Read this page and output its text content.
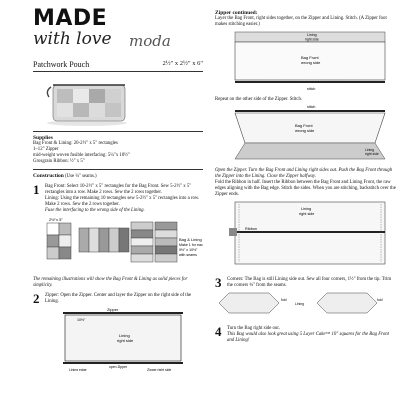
MADE
with love	moda
Patchwork Pouch	2½" x 2½" x 6"
Supplies
Bag Front & Lining: 20-2½" x 5" rectangles
1–12" Zipper
mid-weight woven fusible interfacing: 5¼"x 10½"
Grosgrain Ribbon: ½" x 5"
Construction (Use ¼" seams.)
1	Bag Front: Select 10-2½" x 5" rectangles for the Bag Front. Sew 5-2½" x 5" rectangles into a row. Make 2 rows. Sew the 2 rows together.
Lining: Using the remaining 10 rectangles sew 5-2½" x 5" rectangles into a row. Make 2 rows. Sew the 2 rows together.
Fuse the interfacing to the wrong side of the Lining.
2½"x 5"
Bag & Lining
Make 1 for each
9½" x 10½"
with seams
The remaining illustrations will show the Bag Front & Lining as solid pieces for simplicity.
2	Zipper: Open the Zipper. Center and layer the Zipper on the right side of the Lining.
Zipper
10½"
Lining
right side
open Zipper
Lining edge	Zipper right side
Zipper continued:
Layer the Bag Front, right sides together, on the Zipper and Lining. Stitch. (A Zipper foot makes stitching easier.)
Lining
right side
Bag Front
wrong side
stitch
Repeat on the other side of the Zipper. Stitch.
stitch
Bag Front
wrong side
Lining
right side
Open the Zipper. Turn the Bag Front and Lining right sides out. Push the Bag Front through the Zipper into the Lining. Close the Zipper halfway.
Fold the Ribbon in half. Insert the Ribbon between the Bag Front and Lining Front, the raw edges aligning with the Bag edge. Stitch the sides. When you are stitching, backstitch over the Zipper ends.
Lining
right side
Ribbon
3	Corners: The Bag is still Lining side out. Sew all four corners, 1½" from the tip. Trim the corners ¾" from the seams.
fold
Lining
fold
4	Turn the Bag right side out.
This Bag would also look great using 5 Layer Cake™ 10" squares for the Bag Front and Lining!
